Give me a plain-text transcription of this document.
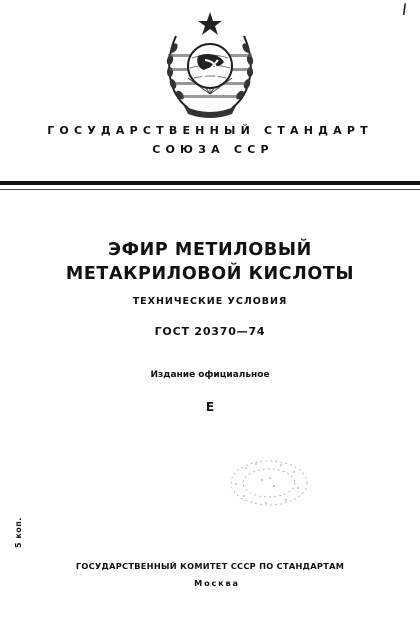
I
ГОСУДАРСТВЕННЫЙ СТАНДАРТ
СОЮЗА ССР
ЭФИР МЕТИЛОВЫЙ
МЕТАКРИЛОВОЙ КИСЛОТЫ
ТЕХНИЧЕСКИЕ УСЛОВИЯ
ГОСТ 20370—74
Издание официальное
Е
5 коп.
ГОСУДАРСТВЕННЫЙ КОМИТЕТ СССР ПО СТАНДАРТАМ
Москва
